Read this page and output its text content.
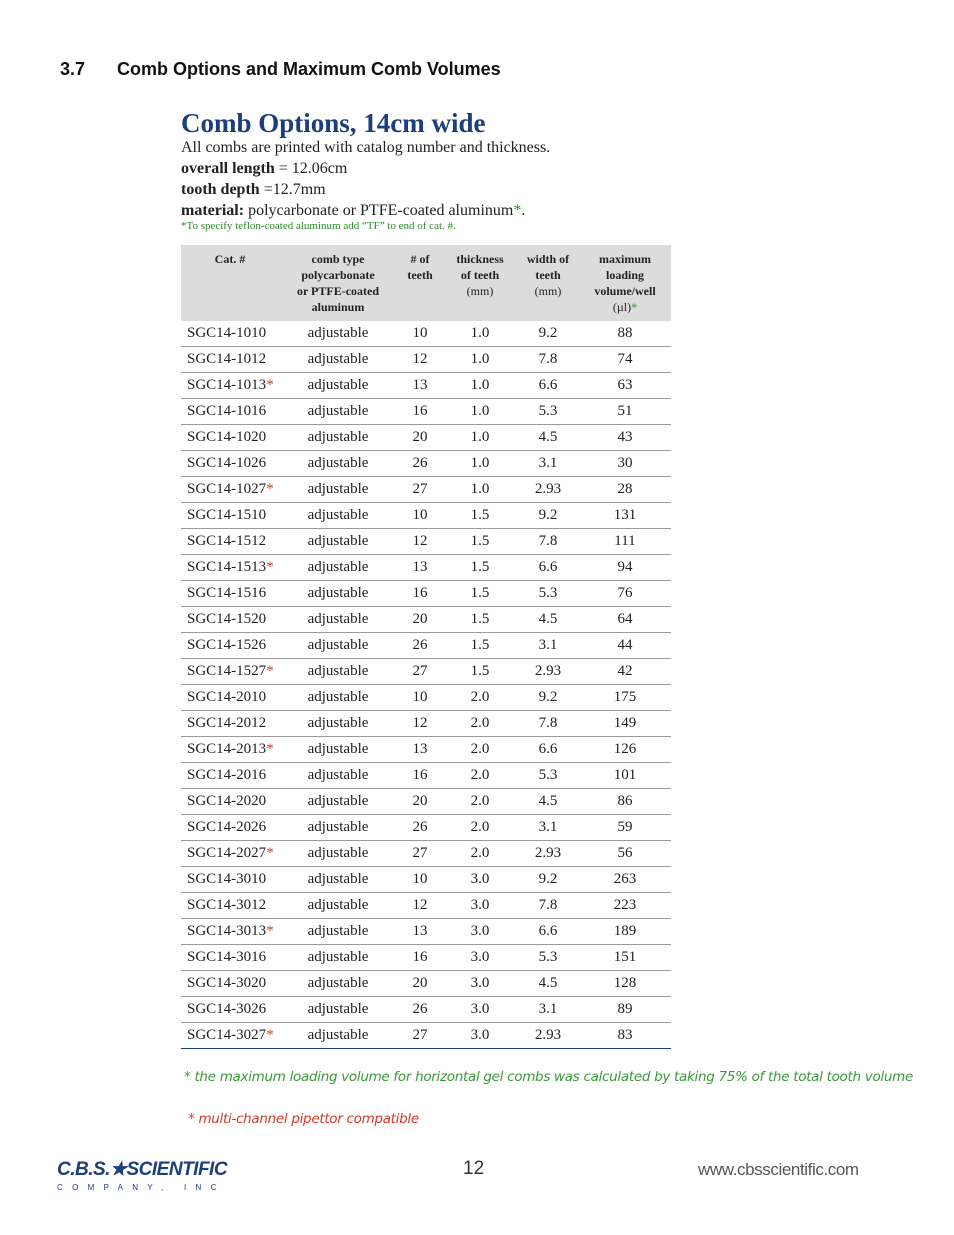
3.7 Comb Options and Maximum Comb Volumes
Comb Options, 14cm wide
All combs are printed with catalog number and thickness.
overall length = 12.06cm
tooth depth =12.7mm
material: polycarbonate or PTFE-coated aluminum*.
*To specify teflon-coated aluminum add “TF” to end of cat. #.
Cat. #	comb type
polycarbonate
or PTFE-coated
aluminum	# of
teeth	thickness
of teeth
(mm)	width of
teeth
(mm)	maximum
loading
volume/well
(µl)*
SGC14-1010	adjustable	10	1.0	9.2	88
SGC14-1012	adjustable	12	1.0	7.8	74
SGC14-1013*	adjustable	13	1.0	6.6	63
SGC14-1016	adjustable	16	1.0	5.3	51
SGC14-1020	adjustable	20	1.0	4.5	43
SGC14-1026	adjustable	26	1.0	3.1	30
SGC14-1027*	adjustable	27	1.0	2.93	28
SGC14-1510	adjustable	10	1.5	9.2	131
SGC14-1512	adjustable	12	1.5	7.8	111
SGC14-1513*	adjustable	13	1.5	6.6	94
SGC14-1516	adjustable	16	1.5	5.3	76
SGC14-1520	adjustable	20	1.5	4.5	64
SGC14-1526	adjustable	26	1.5	3.1	44
SGC14-1527*	adjustable	27	1.5	2.93	42
SGC14-2010	adjustable	10	2.0	9.2	175
SGC14-2012	adjustable	12	2.0	7.8	149
SGC14-2013*	adjustable	13	2.0	6.6	126
SGC14-2016	adjustable	16	2.0	5.3	101
SGC14-2020	adjustable	20	2.0	4.5	86
SGC14-2026	adjustable	26	2.0	3.1	59
SGC14-2027*	adjustable	27	2.0	2.93	56
SGC14-3010	adjustable	10	3.0	9.2	263
SGC14-3012	adjustable	12	3.0	7.8	223
SGC14-3013*	adjustable	13	3.0	6.6	189
SGC14-3016	adjustable	16	3.0	5.3	151
SGC14-3020	adjustable	20	3.0	4.5	128
SGC14-3026	adjustable	26	3.0	3.1	89
SGC14-3027*	adjustable	27	3.0	2.93	83
* the maximum loading volume for horizontal gel combs was calculated by taking 75% of the total tooth volume
* multi-channel pipettor compatible
C.B.S.★SCIENTIFIC
COMPANY, INC
12	www.cbsscientific.com
